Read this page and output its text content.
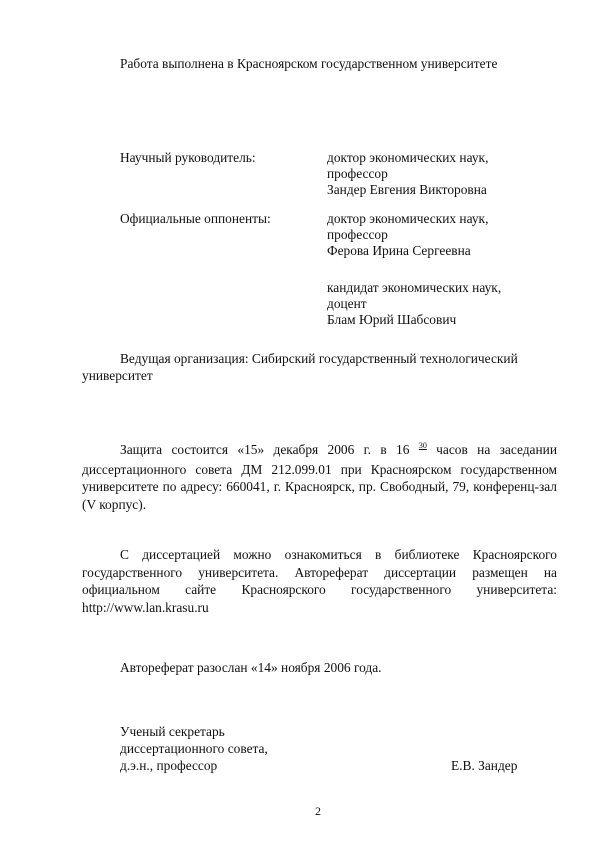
Работа выполнена в Красноярском государственном университете
Научный руководитель:	доктор экономических наук,
профессор
Зандер Евгения Викторовна
Официальные оппоненты:	доктор экономических наук,
профессор
Ферова Ирина Сергеевна
кандидат экономических наук,
доцент
Блам Юрий Шабсович
Ведущая организация: Сибирский государственный технологический
университет
Защита состоится «15» декабря 2006 г. в 16 $^{30}$ часов на заседании диссертационного совета ДМ 212.099.01 при Красноярском государственном университете по адресу: 660041, г. Красноярск, пр. Свободный, 79, конференц-зал (V корпус).
С диссертацией можно ознакомиться в библиотеке Красноярского государственного университета. Автореферат диссертации размещен на официальном сайте Красноярского государственного университета: http://www.lan.krasu.ru
Автореферат разослан «14» ноября 2006 года.
Ученый секретарь
диссертационного совета,
д.э.н., профессор	Е.В. Зандер
2
